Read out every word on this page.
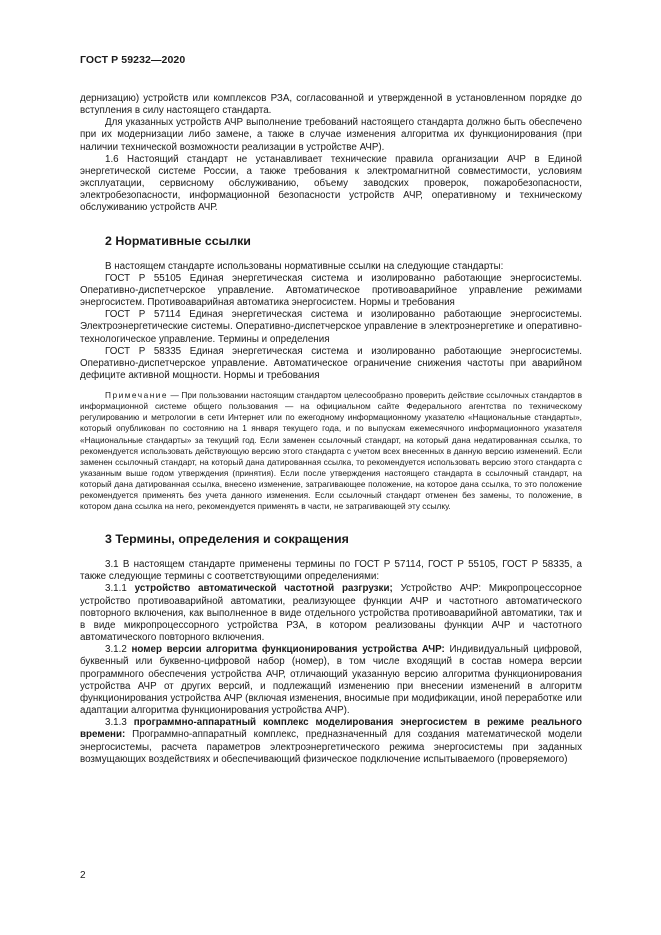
ГОСТ Р 59232—2020

дернизацию) устройств или комплексов РЗА, согласованной и утвержденной в установленном порядке до вступления в силу настоящего стандарта.

Для указанных устройств АЧР выполнение требований настоящего стандарта должно быть обеспечено при их модернизации либо замене, а также в случае изменения алгоритма их функционирования (при наличии технической возможности реализации в устройстве АЧР).

1.6 Настоящий стандарт не устанавливает технические правила организации АЧР в Единой энергетической системе России, а также требования к электромагнитной совместимости, условиям эксплуатации, сервисному обслуживанию, объему заводских проверок, пожаробезопасности, электробезопасности, информационной безопасности устройств АЧР, оперативному и техническому обслуживанию устройств АЧР.

2 Нормативные ссылки

В настоящем стандарте использованы нормативные ссылки на следующие стандарты:

ГОСТ Р 55105 Единая энергетическая система и изолированно работающие энергосистемы. Оперативно-диспетчерское управление. Автоматическое противоаварийное управление режимами энергосистем. Противоаварийная автоматика энергосистем. Нормы и требования

ГОСТ Р 57114 Единая энергетическая система и изолированно работающие энергосистемы. Электроэнергетические системы. Оперативно-диспетчерское управление в электроэнергетике и оперативно-технологическое управление. Термины и определения

ГОСТ Р 58335 Единая энергетическая система и изолированно работающие энергосистемы. Оперативно-диспетчерское управление. Автоматическое ограничение снижения частоты при аварийном дефиците активной мощности. Нормы и требования

Примечание — При пользовании настоящим стандартом целесообразно проверить действие ссылочных стандартов в информационной системе общего пользования — на официальном сайте Федерального агентства по техническому регулированию и метрологии в сети Интернет или по ежегодному информационному указателю «Национальные стандарты», который опубликован по состоянию на 1 января текущего года, и по выпускам ежемесячного информационного указателя «Национальные стандарты» за текущий год. Если заменен ссылочный стандарт, на который дана недатированная ссылка, то рекомендуется использовать действующую версию этого стандарта с учетом всех внесенных в данную версию изменений. Если заменен ссылочный стандарт, на который дана датированная ссылка, то рекомендуется использовать версию этого стандарта с указанным выше годом утверждения (принятия). Если после утверждения настоящего стандарта в ссылочный стандарт, на который дана датированная ссылка, внесено изменение, затрагивающее положение, на которое дана ссылка, то это положение рекомендуется применять без учета данного изменения. Если ссылочный стандарт отменен без замены, то положение, в котором дана ссылка на него, рекомендуется применять в части, не затрагивающей эту ссылку.

3 Термины, определения и сокращения

3.1 В настоящем стандарте применены термины по ГОСТ Р 57114, ГОСТ Р 55105, ГОСТ Р 58335, а также следующие термины с соответствующими определениями:

3.1.1 устройство автоматической частотной разгрузки; Устройство АЧР: Микропроцессорное устройство противоаварийной автоматики, реализующее функции АЧР и частотного автоматического повторного включения, как выполненное в виде отдельного устройства противоаварийной автоматики, так и в виде микропроцессорного устройства РЗА, в котором реализованы функции АЧР и частотного автоматического повторного включения.

3.1.2 номер версии алгоритма функционирования устройства АЧР: Индивидуальный цифровой, буквенный или буквенно-цифровой набор (номер), в том числе входящий в состав номера версии программного обеспечения устройства АЧР, отличающий указанную версию алгоритма функционирования устройства АЧР от других версий, и подлежащий изменению при внесении изменений в алгоритм функционирования устройства АЧР (включая изменения, вносимые при модификации, иной переработке или адаптации алгоритма функционирования устройства АЧР).

3.1.3 программно-аппаратный комплекс моделирования энергосистем в режиме реального времени: Программно-аппаратный комплекс, предназначенный для создания математической модели энергосистемы, расчета параметров электроэнергетического режима энергосистемы при заданных возмущающих воздействиях и обеспечивающий физическое подключение испытываемого (проверяемого)

2
